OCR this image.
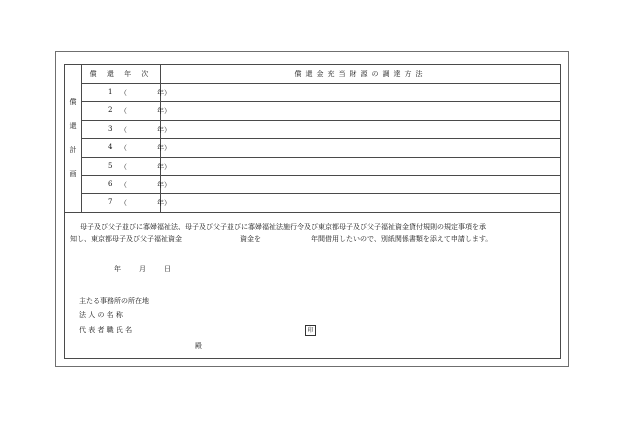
償
還
計
画	償 還 年 次	償還金充当財源の調達方法

	1 （ 年）	

	2 （ 年）	

	3 （ 年）	

	4 （ 年）	

	5 （ 年）	

	6 （ 年）	

	7 （ 年）	

母子及び父子並びに寡婦福祉法、母子及び父子並びに寡婦福祉法施行令及び東京都母子及び父子福祉資金貸付規則の規定事項を承
知し、東京都母子及び父子福祉資金	資金を	年間借用したいので、別紙関係書類を添えて申請します。
年	月	日
主たる事務所の所在地
法 人 の 名 称
代 表 者 職 氏 名	印
殿
